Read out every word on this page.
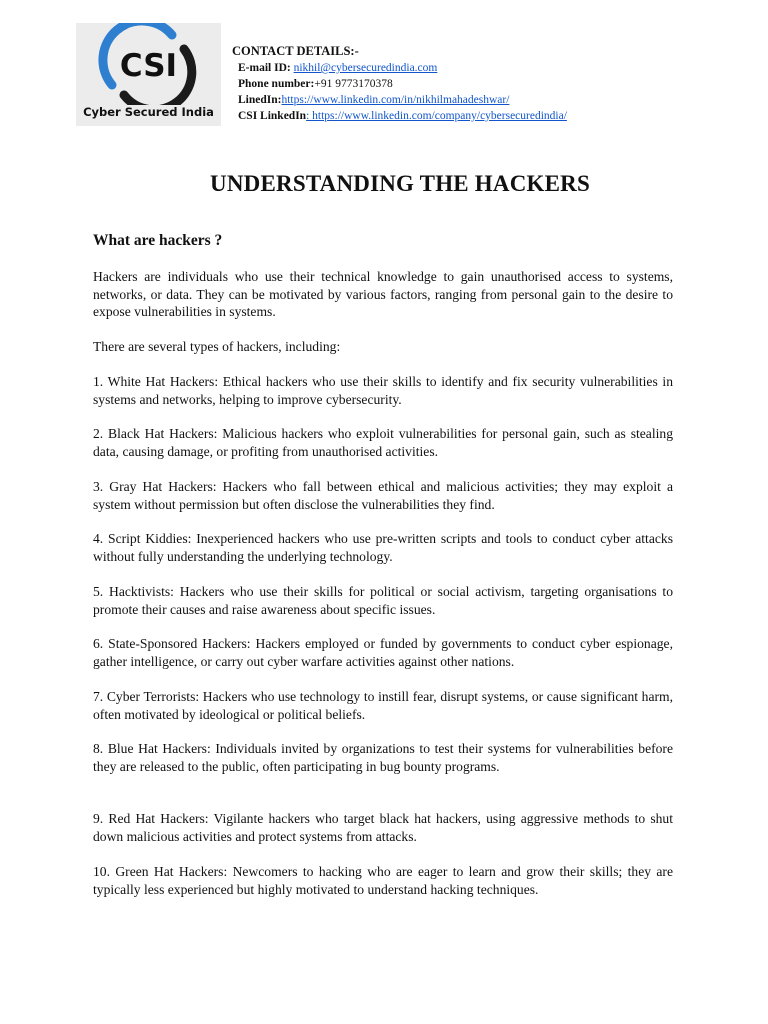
CSI
Cyber Secured India
CONTACT DETAILS:-
E-mail ID: nikhil@cybersecuredindia.com
Phone number:+91 9773170378
LinedIn:https://www.linkedin.com/in/nikhilmahadeshwar/
CSI LinkedIn: https://www.linkedin.com/company/cybersecuredindia/
UNDERSTANDING THE HACKERS
What are hackers ?
Hackers are individuals who use their technical knowledge to gain unauthorised access to systems, networks, or data. They can be motivated by various factors, ranging from personal gain to the desire to expose vulnerabilities in systems.
There are several types of hackers, including:
1. White Hat Hackers: Ethical hackers who use their skills to identify and fix security vulnerabilities in systems and networks, helping to improve cybersecurity.
2. Black Hat Hackers: Malicious hackers who exploit vulnerabilities for personal gain, such as stealing data, causing damage, or profiting from unauthorised activities.
3. Gray Hat Hackers: Hackers who fall between ethical and malicious activities; they may exploit a system without permission but often disclose the vulnerabilities they find.
4. Script Kiddies: Inexperienced hackers who use pre-written scripts and tools to conduct cyber attacks without fully understanding the underlying technology.
5. Hacktivists: Hackers who use their skills for political or social activism, targeting organisations to promote their causes and raise awareness about specific issues.
6. State-Sponsored Hackers: Hackers employed or funded by governments to conduct cyber espionage, gather intelligence, or carry out cyber warfare activities against other nations.
7. Cyber Terrorists: Hackers who use technology to instill fear, disrupt systems, or cause significant harm, often motivated by ideological or political beliefs.
8. Blue Hat Hackers: Individuals invited by organizations to test their systems for vulnerabilities before they are released to the public, often participating in bug bounty programs.
9. Red Hat Hackers: Vigilante hackers who target black hat hackers, using aggressive methods to shut down malicious activities and protect systems from attacks.
10. Green Hat Hackers: Newcomers to hacking who are eager to learn and grow their skills; they are typically less experienced but highly motivated to understand hacking techniques.
